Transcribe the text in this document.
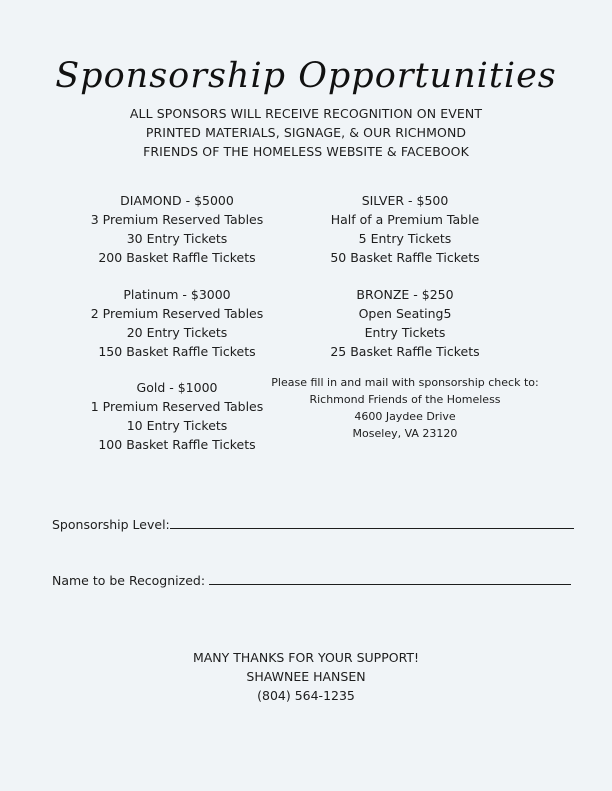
Sponsorship Opportunities
ALL SPONSORS WILL RECEIVE RECOGNITION ON EVENT
PRINTED MATERIALS, SIGNAGE, & OUR RICHMOND
FRIENDS OF THE HOMELESS WEBSITE & FACEBOOK
DIAMOND - $5000
3 Premium Reserved Tables
30 Entry Tickets
200 Basket Raffle Tickets
Platinum - $3000
2 Premium Reserved Tables
20 Entry Tickets
150 Basket Raffle Tickets
Gold - $1000
1 Premium Reserved Tables
10 Entry Tickets
100 Basket Raffle Tickets
SILVER - $500
Half of a Premium Table
5 Entry Tickets
50 Basket Raffle Tickets
BRONZE - $250
Open Seating5
Entry Tickets
25 Basket Raffle Tickets
Please fill in and mail with sponsorship check to:
Richmond Friends of the Homeless
4600 Jaydee Drive
Moseley, VA 23120
Sponsorship Level:
Name to be Recognized:
MANY THANKS FOR YOUR SUPPORT!
SHAWNEE HANSEN
(804) 564-1235
